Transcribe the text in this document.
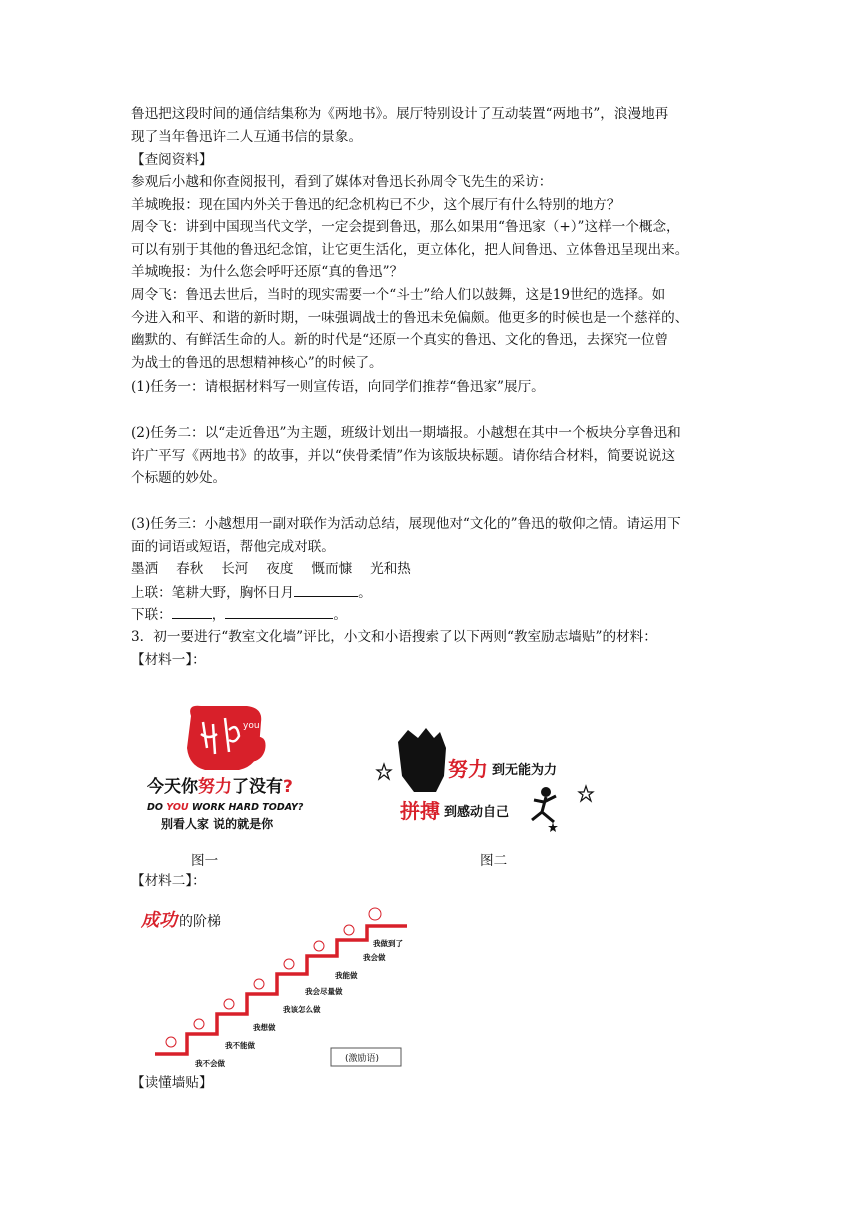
鲁迅把这段时间的通信结集称为《两地书》。展厅特别设计了互动装置“两地书”，浪漫地再
现了当年鲁迅许二人互通书信的景象。
【查阅资料】
参观后小越和你查阅报刊，看到了媒体对鲁迅长孙周令飞先生的采访：
羊城晚报：现在国内外关于鲁迅的纪念机构已不少，这个展厅有什么特别的地方？
周令飞：讲到中国现当代文学，一定会提到鲁迅，那么如果用“鲁迅家（+）”这样一个概念，
可以有别于其他的鲁迅纪念馆，让它更生活化，更立体化，把人间鲁迅、立体鲁迅呈现出来。
羊城晚报：为什么您会呼吁还原“真的鲁迅”？
周令飞：鲁迅去世后，当时的现实需要一个“斗士”给人们以鼓舞，这是19世纪的选择。如
今进入和平、和谐的新时期，一味强调战士的鲁迅未免偏颇。他更多的时候也是一个慈祥的、
幽默的、有鲜活生命的人。新的时代是“还原一个真实的鲁迅、文化的鲁迅，去探究一位曾
为战士的鲁迅的思想精神核心”的时候了。
(1)任务一：请根据材料写一则宣传语，向同学们推荐“鲁迅家”展厅。
(2)任务二：以“走近鲁迅”为主题，班级计划出一期墙报。小越想在其中一个板块分享鲁迅和
许广平写《两地书》的故事，并以“侠骨柔情”作为该版块标题。请你结合材料，简要说说这
个标题的妙处。
(3)任务三：小越想用一副对联作为活动总结，展现他对“文化的”鲁迅的敬仰之情。请运用下
面的词语或短语，帮他完成对联。
墨洒　 春秋　 长河　 夜度　 慨而慷　 光和热
上联：笔耕大野，胸怀日月	。
下联：	，	。
3．初一要进行“教室文化墙”评比，小文和小语搜索了以下两则“教室励志墙贴”的材料：
【材料一】：
you
今天你努力了没有?
DO YOU WORK HARD TODAY?
别看人家 说的就是你
图一
努力 到无能为力
拼搏 到感动自己
图二
【材料二】：
成功 的阶梯
我不会做
我不能做
我想做
我该怎么做
我会尽量做
我能做
我会做
我做到了
(激励语)
【读懂墙贴】
